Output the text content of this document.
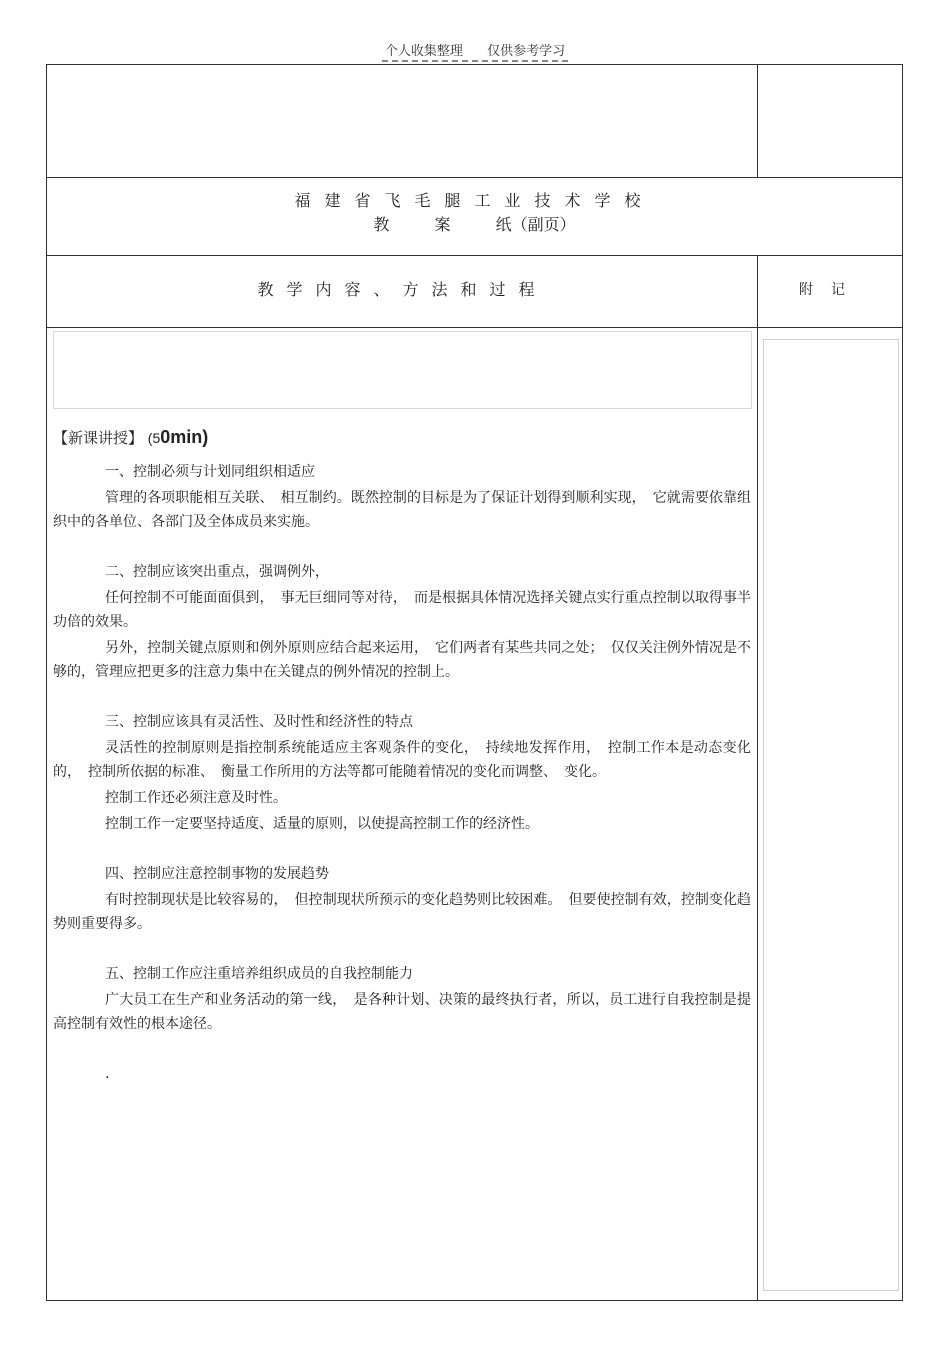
个人收集整理 仅供参考学习
福建省飞毛腿工业技术学校
教	案	纸（副页）
教学内容、方法和过程	附记
【新课讲授】 (50min)

一、控制必须与计划同组织相适应

管理的各项职能相互关联、　相互制约。既然控制的目标是为了保证计划得到顺利实现，　它就需要依靠组织中的各单位、各部门及全体成员来实施。

二、控制应该突出重点，强调例外，

任何控制不可能面面俱到，　事无巨细同等对待，　而是根据具体情况选择关键点实行重点控制以取得事半功倍的效果。

另外，控制关键点原则和例外原则应结合起来运用，　它们两者有某些共同之处；　仅仅关注例外情况是不够的，管理应把更多的注意力集中在关键点的例外情况的控制上。

三、控制应该具有灵活性、及时性和经济性的特点

灵活性的控制原则是指控制系统能适应主客观条件的变化，　持续地发挥作用，　控制工作本是动态变化的，　控制所依据的标准、　衡量工作所用的方法等都可能随着情况的变化而调整、　变化。

控制工作还必须注意及时性。

控制工作一定要坚持适度、适量的原则，以使提高控制工作的经济性。

四、控制应注意控制事物的发展趋势

有时控制现状是比较容易的，　但控制现状所预示的变化趋势则比较困难。　但要使控制有效，控制变化趋势则重要得多。

五、控制工作应注重培养组织成员的自我控制能力

广大员工在生产和业务活动的第一线，　是各种计划、决策的最终执行者，所以，员工进行自我控制是提高控制有效性的根本途径。

.
